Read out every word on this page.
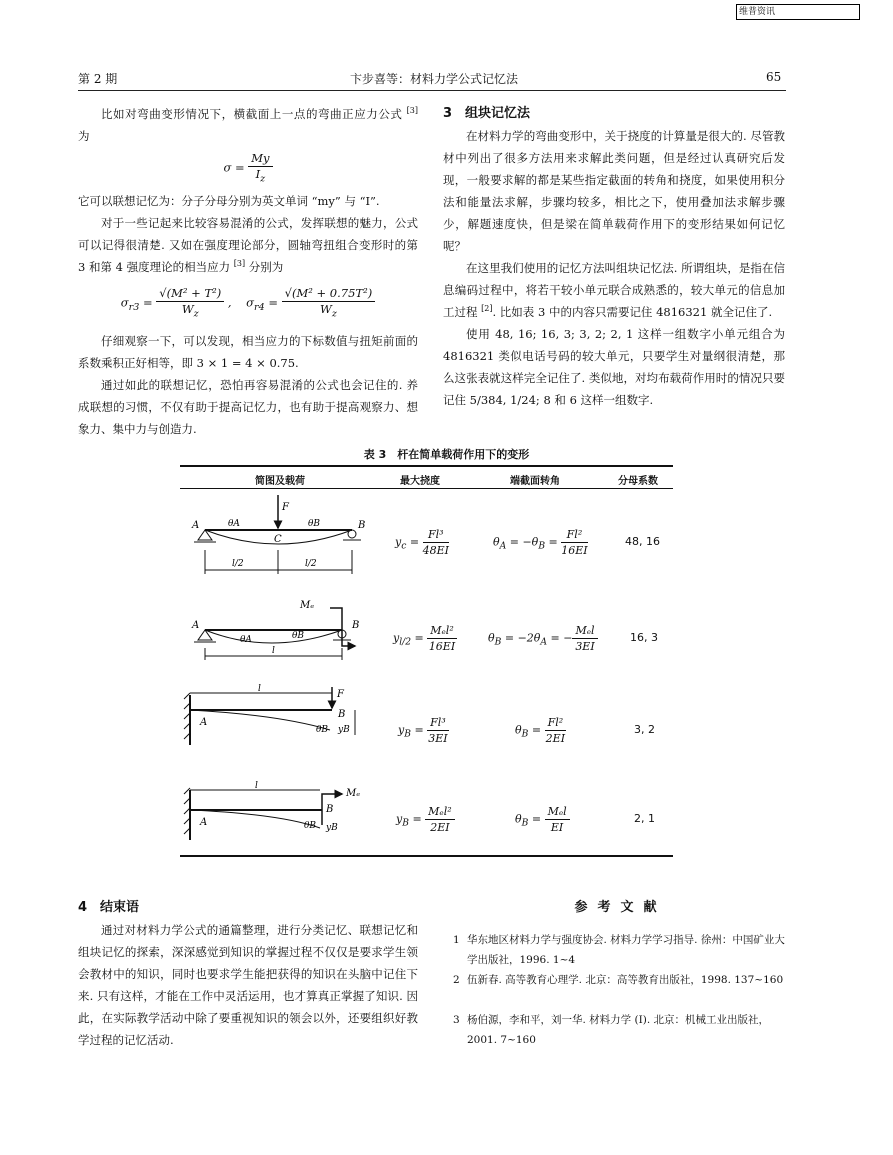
维普资讯
第 2 期	卞步喜等：材料力学公式记忆法	65

比如对弯曲变形情况下，横截面上一点的弯曲正应力公式 [3] 为

$\sigma = \frac{My}{I_z}$

它可以联想记忆为：分子分母分别为英文单词 “my” 与 “I”.

对于一些记起来比较容易混淆的公式，发挥联想的魅力，公式可以记得很清楚. 又如在强度理论部分，圆轴弯扭组合变形时的第 3 和第 4 强度理论的相当应力 [3] 分别为

$\sigma_{r3} = \frac{\text{√(M² + T²)}}{W_z}$ ,    $\sigma_{r4} = \frac{\text{√(M² + 0.75T²)}}{W_z}$

仔细观察一下，可以发现，相当应力的下标数值与扭矩前面的系数乘积正好相等，即 3 × 1 = 4 × 0.75.

通过如此的联想记忆，恐怕再容易混淆的公式也会记住的. 养成联想的习惯，不仅有助于提高记忆力，也有助于提高观察力、想象力、集中力与创造力.

3　组块记忆法

在材料力学的弯曲变形中，关于挠度的计算量是很大的. 尽管教材中列出了很多方法用来求解此类问题，但是经过认真研究后发现，一般要求解的都是某些指定截面的转角和挠度，如果使用积分法和能量法求解，步骤均较多，相比之下，使用叠加法求解步骤少，解题速度快，但是梁在简单载荷作用下的变形结果如何记忆呢？

在这里我们使用的记忆方法叫组块记忆法. 所谓组块，是指在信息编码过程中，将若干较小单元联合成熟悉的，较大单元的信息加工过程 [2]. 比如表 3 中的内容只需要记住 4816321 就全记住了.

使用 48, 16; 16, 3; 3, 2; 2, 1 这样一组数字小单元组合为 4816321 类似电话号码的较大单元，只要学生对量纲很清楚，那么这张表就这样完全记住了. 类似地，对均布载荷作用时的情况只要记住 5/384, 1/24; 8 和 6 这样一组数字.

表 3　杆在简单载荷作用下的变形
简图及载荷	最大挠度	端截面转角	分母系数
F
A	B
C
θA	θB
l/2	l/2
Mₑ
A	B
θA	θB
l
F
l
A
B
θB yB
Mₑ
l
A
B
θB yB
$y_c = \frac{\text{Fl³}}{48EI}$	$\theta_A = -\theta_B = \frac{\text{Fl²}}{16EI}$	48, 16
$y_{l/2} = \frac{\text{Mₑl²}}{16EI}$	$\theta_B = -2\theta_A$ = − $\frac{\text{Mₑl}}{3EI}$	16, 3
$y_B = \frac{\text{Fl³}}{3EI}$	$\theta_B = \frac{\text{Fl²}}{2EI}$	3, 2
$y_B = \frac{\text{Mₑl²}}{2EI}$	$\theta_B = \frac{\text{Mₑl}}{EI}$	2, 1

4　结束语

通过对材料力学公式的通篇整理，进行分类记忆、联想记忆和组块记忆的探索，深深感觉到知识的掌握过程不仅仅是要求学生领会教材中的知识，同时也要求学生能把获得的知识在头脑中记住下来. 只有这样，才能在工作中灵活运用，也才算真正掌握了知识. 因此，在实际教学活动中除了要重视知识的领会以外，还要组织好教学过程的记忆活动.

参考文献
1 华东地区材料力学与强度协会. 材料力学学习指导. 徐州：中国矿业大学出版社，1996. 1~4
2 伍新春. 高等教育心理学. 北京：高等教育出版社，1998. 137~160
3 杨伯源，李和平，刘一华. 材料力学 (I). 北京：机械工业出版社，2001. 7~160
